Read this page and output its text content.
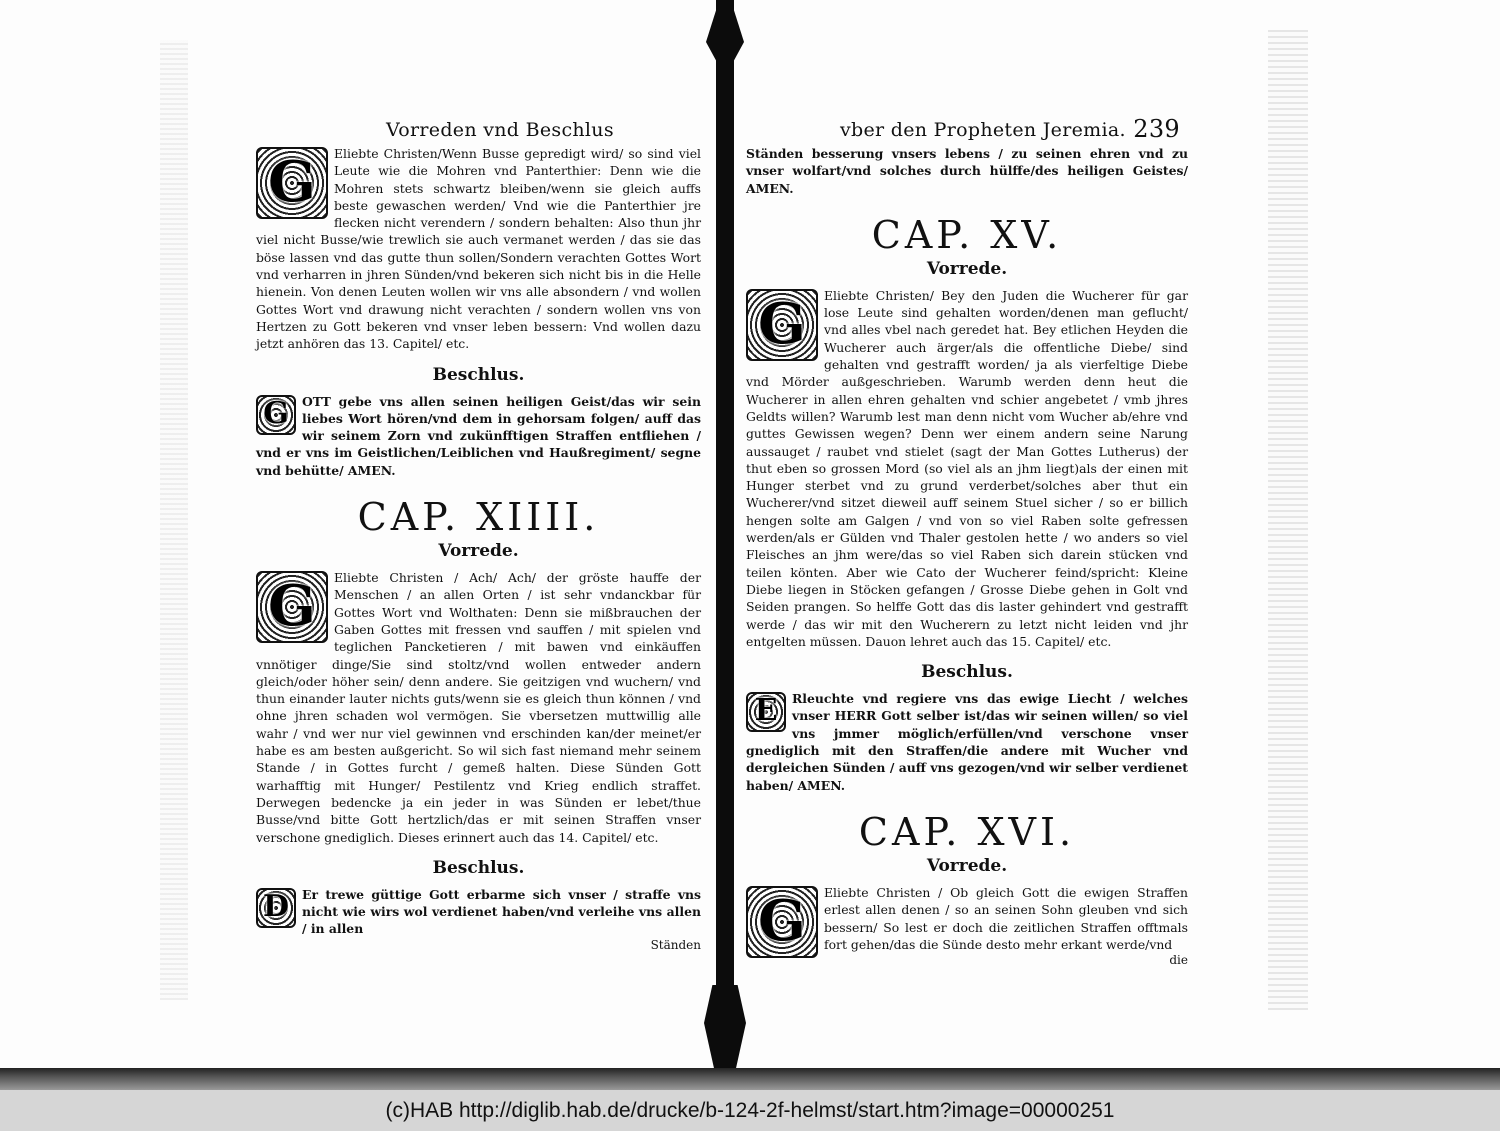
Vorreden vnd Beschlus
G	Eliebte Christen/Wenn Busse gepredigt wird/ so sind viel Leute wie die Mohren vnd Panterthier: Denn wie die Mohren stets schwartz bleiben/wenn sie gleich auffs beste gewaschen werden/ Vnd wie die Panterthier jre flecken nicht verendern / sondern behalten: Also thun jhr viel nicht Busse/wie trewlich sie auch vermanet werden / das sie das böse lassen vnd das gutte thun sollen/Sondern verachten Gottes Wort vnd verharren in jhren Sünden/vnd bekeren sich nicht bis in die Helle hienein. Von denen Leuten wollen wir vns alle absondern / vnd wollen Gottes Wort vnd drawung nicht verachten / sondern wollen vns von Hertzen zu Gott bekeren vnd vnser leben bessern: Vnd wollen dazu jetzt anhören das 13. Capitel/ etc.

Beschlus.
G	OTT gebe vns allen seinen heiligen Geist/das wir sein liebes Wort hören/vnd dem in gehorsam folgen/ auff das wir seinem Zorn vnd zukünfftigen Straffen entfliehen / vnd er vns im Geistlichen/Leiblichen vnd Haußregiment/ segne vnd behütte/ AMEN.

CAP. XIIII.
Vorrede.
G	Eliebte Christen / Ach/ Ach/ der gröste hauffe der Menschen / an allen Orten / ist sehr vndanckbar für Gottes Wort vnd Wolthaten: Denn sie mißbrauchen der Gaben Gottes mit fressen vnd sauffen / mit spielen vnd teglichen Pancketieren / mit bawen vnd einkäuffen vnnötiger dinge/Sie sind stoltz/vnd wollen entweder andern gleich/oder höher sein/ denn andere. Sie geitzigen vnd wuchern/ vnd thun einander lauter nichts guts/wenn sie es gleich thun können / vnd ohne jhren schaden wol vermögen. Sie vbersetzen muttwillig alle wahr / vnd wer nur viel gewinnen vnd erschinden kan/der meinet/er habe es am besten außgericht. So wil sich fast niemand mehr seinem Stande / in Gottes furcht / gemeß halten. Diese Sünden Gott warhafftig mit Hunger/ Pestilentz vnd Krieg endlich straffet. Derwegen bedencke ja ein jeder in was Sünden er lebet/thue Busse/vnd bitte Gott hertzlich/das er mit seinen Straffen vnser verschone gnediglich. Dieses erinnert auch das 14. Capitel/ etc.

Beschlus.
D	Er trewe güttige Gott erbarme sich vnser / straffe vns nicht wie wirs wol verdienet haben/vnd verleihe vns allen / in allen

Ständen

vber den Propheten Jeremia. 239

Ständen besserung vnsers lebens / zu seinen ehren vnd zu vnser wolfart/vnd solches durch hülffe/des heiligen Geistes/ AMEN.

CAP. XV.
Vorrede.
G	Eliebte Christen/ Bey den Juden die Wucherer für gar lose Leute sind gehalten worden/denen man geflucht/ vnd alles vbel nach geredet hat. Bey etlichen Heyden die Wucherer auch ärger/als die offentliche Diebe/ sind gehalten vnd gestrafft worden/ ja als vierfeltige Diebe vnd Mörder außgeschrieben. Warumb werden denn heut die Wucherer in allen ehren gehalten vnd schier angebetet / vmb jhres Geldts willen? Warumb lest man denn nicht vom Wucher ab/ehre vnd guttes Gewissen wegen? Denn wer einem andern seine Narung aussauget / raubet vnd stielet (sagt der Man Gottes Lutherus) der thut eben so grossen Mord (so viel als an jhm liegt)als der einen mit Hunger sterbet vnd zu grund verderbet/solches aber thut ein Wucherer/vnd sitzet dieweil auff seinem Stuel sicher / so er billich hengen solte am Galgen / vnd von so viel Raben solte gefressen werden/als er Gülden vnd Thaler gestolen hette / wo anders so viel Fleisches an jhm were/das so viel Raben sich darein stücken vnd teilen könten. Aber wie Cato der Wucherer feind/spricht: Kleine Diebe liegen in Stöcken gefangen / Grosse Diebe gehen in Golt vnd Seiden prangen. So helffe Gott das dis laster gehindert vnd gestrafft werde / das wir mit den Wucherern zu letzt nicht leiden vnd jhr entgelten müssen. Dauon lehret auch das 15. Capitel/ etc.

Beschlus.
E	Rleuchte vnd regiere vns das ewige Liecht / welches vnser HERR Gott selber ist/das wir seinen willen/ so viel vns jmmer möglich/erfüllen/vnd verschone vnser gnediglich mit den Straffen/die andere mit Wucher vnd dergleichen Sünden / auff vns gezogen/vnd wir selber verdienet haben/ AMEN.

CAP. XVI.
Vorrede.
G	Eliebte Christen / Ob gleich Gott die ewigen Straffen erlest allen denen / so an seinen Sohn gleuben vnd sich bessern/ So lest er doch die zeitlichen Straffen offtmals fort gehen/das die Sünde desto mehr erkant werde/vnd

die

(c)HAB http://diglib.hab.de/drucke/b-124-2f-helmst/start.htm?image=00000251
